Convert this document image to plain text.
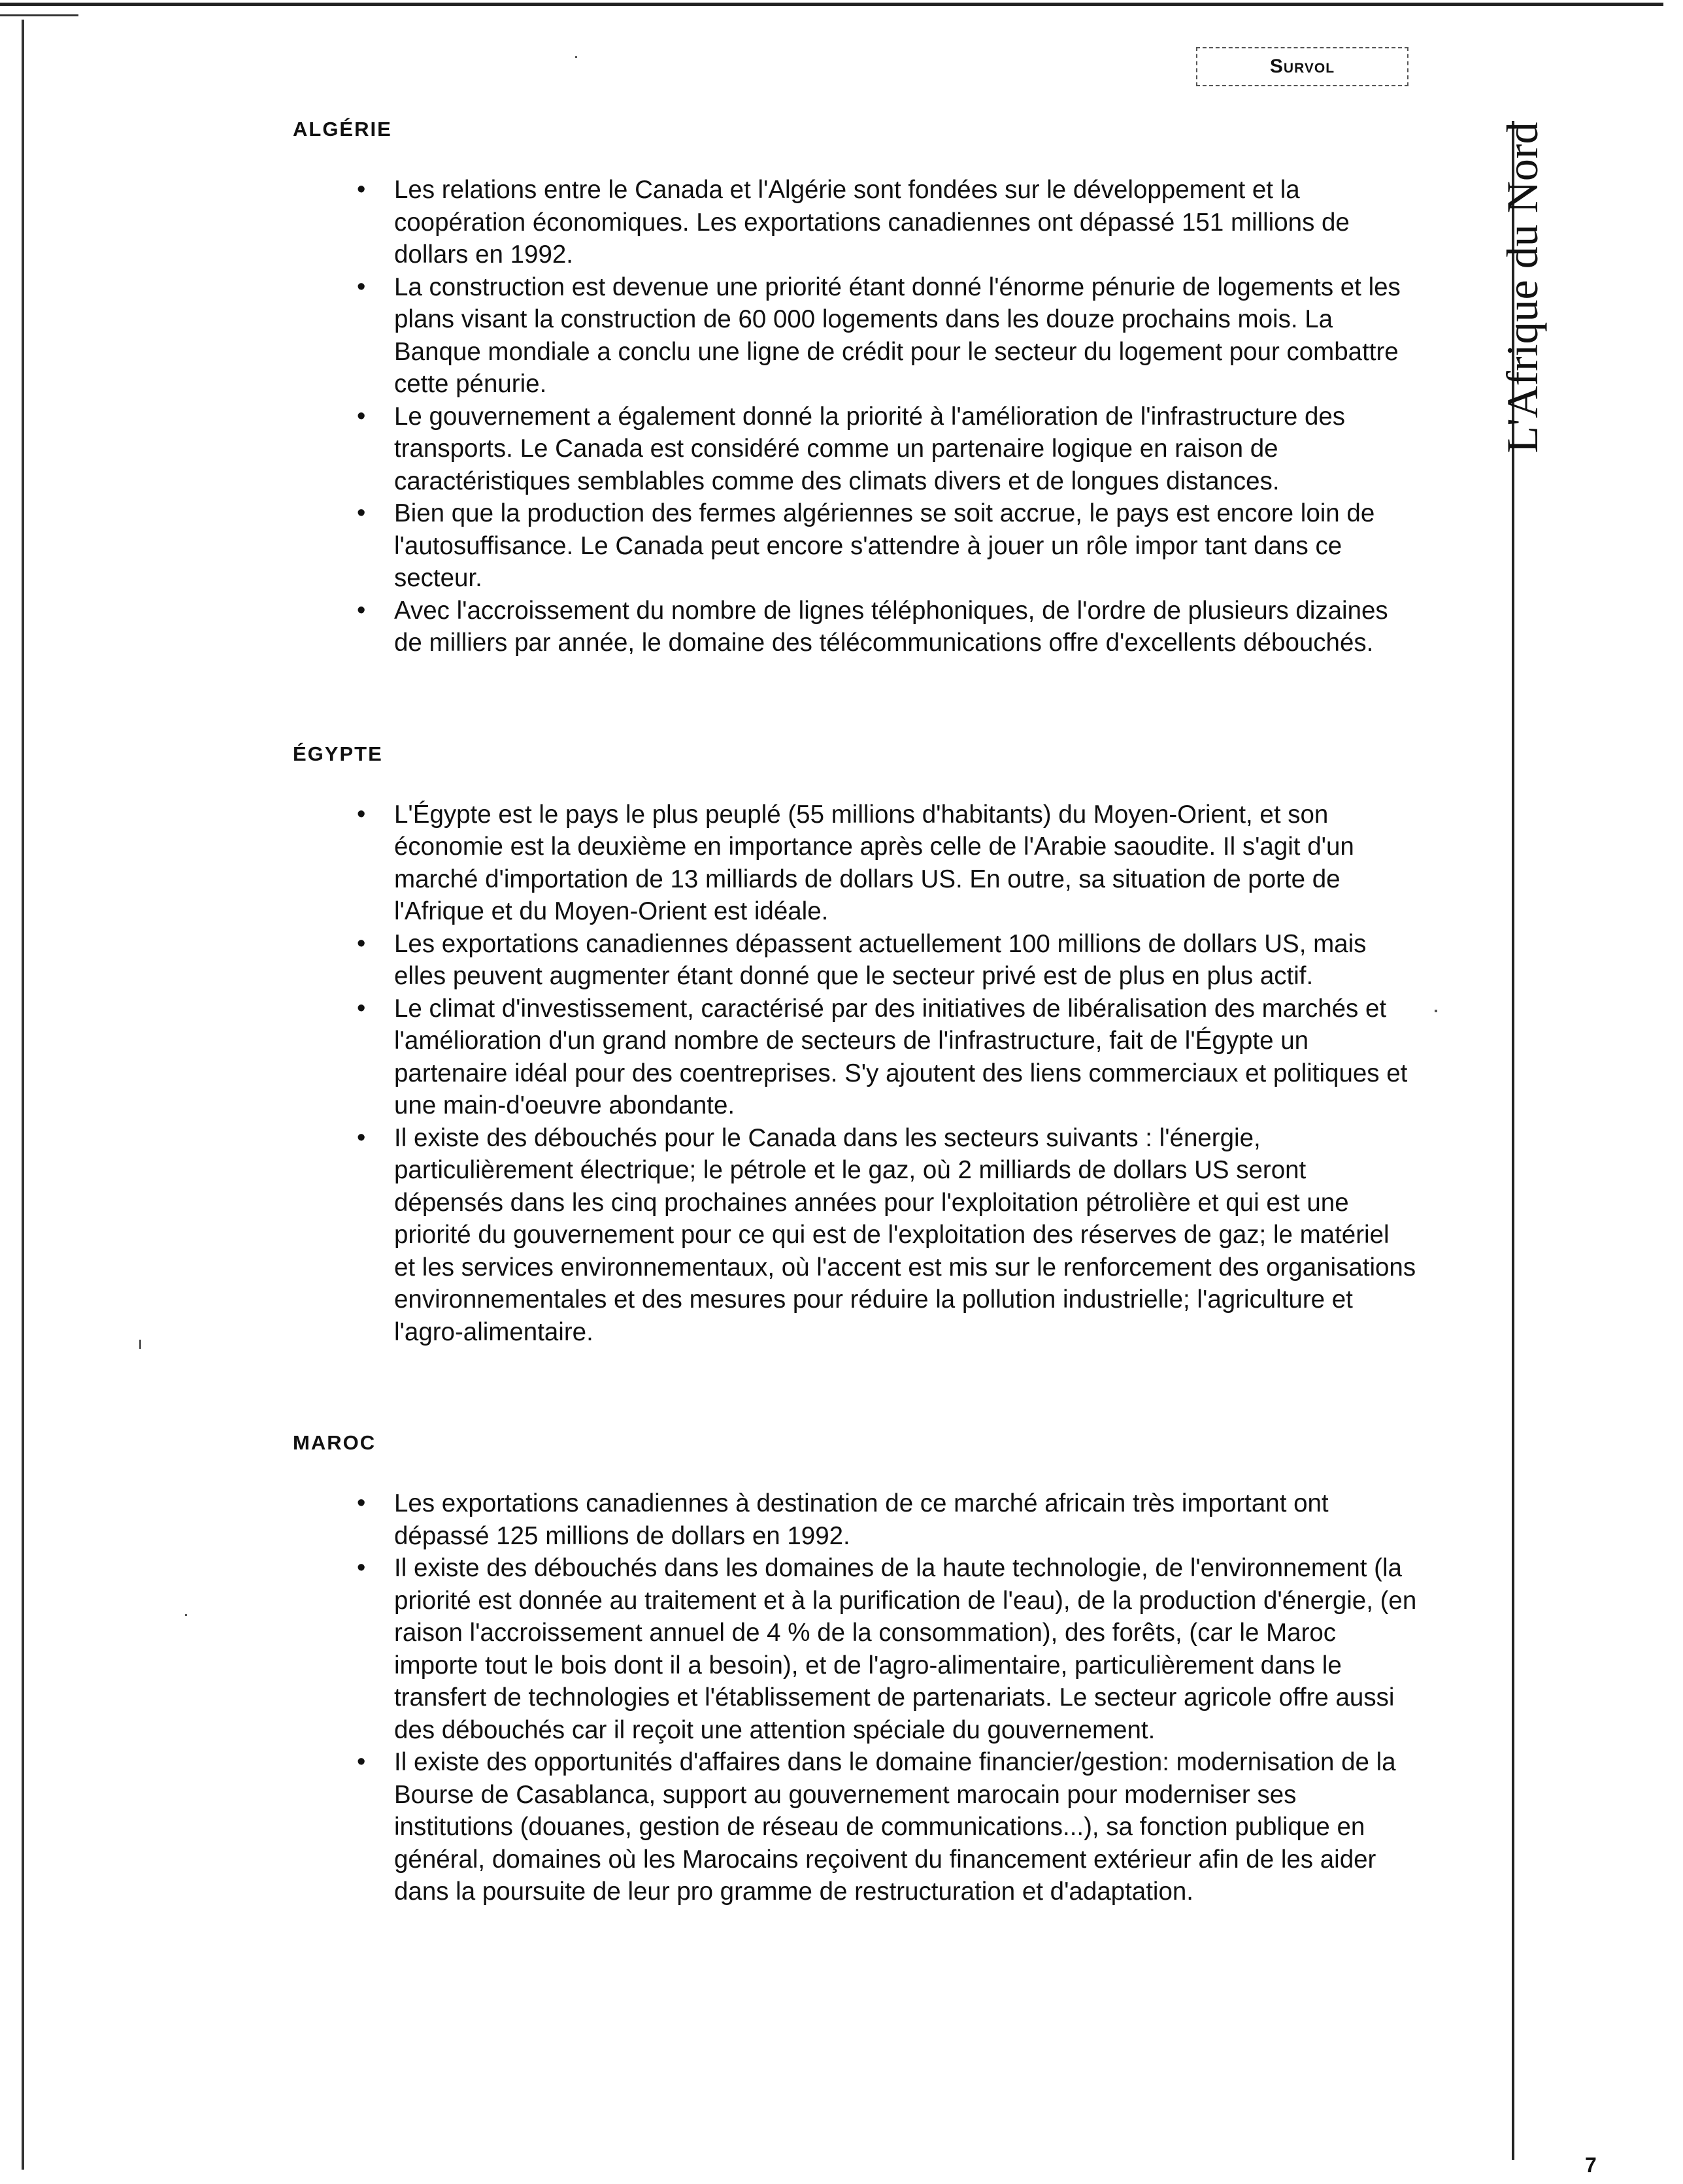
Survol
L'Afrique du Nord
ALGÉRIE
• Les relations entre le Canada et l'Algérie sont fondées sur le développement et la coopération économiques. Les exportations canadiennes ont dépassé 151 millions de dollars en 1992.
• La construction est devenue une priorité étant donné l'énorme pénurie de logements et les plans visant la construction de 60 000 logements dans les douze prochains mois. La Banque mondiale a conclu une ligne de crédit pour le secteur du logement pour combattre cette pénurie.
• Le gouvernement a également donné la priorité à l'amélioration de l'infrastructure des transports. Le Canada est considéré comme un partenaire logique en raison de caractéristiques semblables comme des climats divers et de longues distances.
• Bien que la production des fermes algériennes se soit accrue, le pays est encore loin de l'autosuffisance. Le Canada peut encore s'attendre à jouer un rôle impor tant dans ce secteur.
• Avec l'accroissement du nombre de lignes téléphoniques, de l'ordre de plusieurs dizaines de milliers par année, le domaine des télécommunications offre d'excellents débouchés.
ÉGYPTE
• L'Égypte est le pays le plus peuplé (55 millions d'habitants) du Moyen-Orient, et son économie est la deuxième en importance après celle de l'Arabie saoudite. Il s'agit d'un marché d'importation de 13 milliards de dollars US. En outre, sa situation de porte de l'Afrique et du Moyen-Orient est idéale.
• Les exportations canadiennes dépassent actuellement 100 millions de dollars US, mais elles peuvent augmenter étant donné que le secteur privé est de plus en plus actif.
• Le climat d'investissement, caractérisé par des initiatives de libéralisation des marchés et l'amélioration d'un grand nombre de secteurs de l'infrastructure, fait de l'Égypte un partenaire idéal pour des coentreprises. S'y ajoutent des liens commerciaux et politiques et une main-d'oeuvre abondante.
• Il existe des débouchés pour le Canada dans les secteurs suivants : l'énergie, particulièrement électrique; le pétrole et le gaz, où 2 milliards de dollars US seront dépensés dans les cinq prochaines années pour l'exploitation pétrolière et qui est une priorité du gouvernement pour ce qui est de l'exploitation des réserves de gaz; le matériel et les services environnementaux, où l'accent est mis sur le renforcement des organisations environnementales et des mesures pour réduire la pollution industrielle; l'agriculture et l'agro-alimentaire.
MAROC
• Les exportations canadiennes à destination de ce marché africain très important ont dépassé 125 millions de dollars en 1992.
• Il existe des débouchés dans les domaines de la haute technologie, de l'environnement (la priorité est donnée au traitement et à la purification de l'eau), de la production d'énergie, (en raison l'accroissement annuel de 4 % de la consommation), des forêts, (car le Maroc importe tout le bois dont il a besoin), et de l'agro-alimentaire, particulièrement dans le transfert de technologies et l'établissement de partenariats. Le secteur agricole offre aussi des débouchés car il reçoit une attention spéciale du gouvernement.
• Il existe des opportunités d'affaires dans le domaine financier/gestion: modernisation de la Bourse de Casablanca, support au gouvernement marocain pour moderniser ses institutions (douanes, gestion de réseau de communications...), sa fonction publique en général, domaines où les Marocains reçoivent du financement extérieur afin de les aider dans la poursuite de leur pro gramme de restructuration et d'adaptation.
7
